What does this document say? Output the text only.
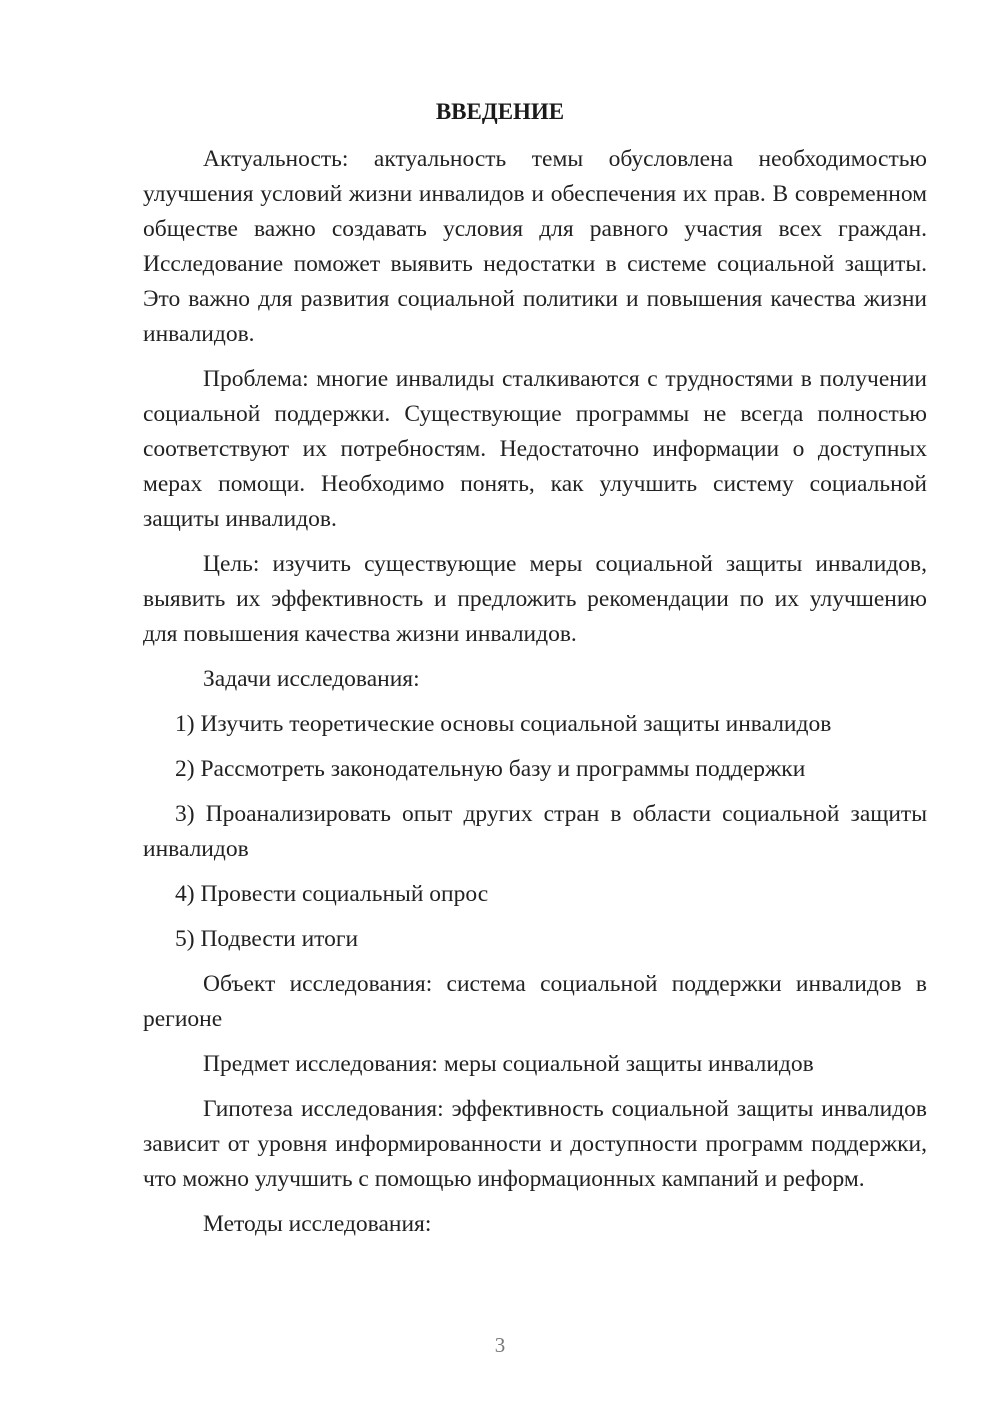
ВВЕДЕНИЕ

Актуальность: актуальность темы обусловлена необходимостью улучшения условий жизни инвалидов и обеспечения их прав. В современном обществе важно создавать условия для равного участия всех граждан. Исследование поможет выявить недостатки в системе социальной защиты. Это важно для развития социальной политики и повышения качества жизни инвалидов.

Проблема: многие инвалиды сталкиваются с трудностями в получении социальной поддержки. Существующие программы не всегда полностью соответствуют их потребностям. Недостаточно информации о доступных мерах помощи. Необходимо понять, как улучшить систему социальной защиты инвалидов.

Цель: изучить существующие меры социальной защиты инвалидов, выявить их эффективность и предложить рекомендации по их улучшению для повышения качества жизни инвалидов.

Задачи исследования:

1) Изучить теоретические основы социальной защиты инвалидов

2) Рассмотреть законодательную базу и программы поддержки

3) Проанализировать опыт других стран в области социальной защиты инвалидов

4) Провести социальный опрос

5) Подвести итоги

Объект исследования: система социальной поддержки инвалидов в регионе

Предмет исследования: меры социальной защиты инвалидов

Гипотеза исследования: эффективность социальной защиты инвалидов зависит от уровня информированности и доступности программ поддержки, что можно улучшить с помощью информационных кампаний и реформ.

Методы исследования:

3
